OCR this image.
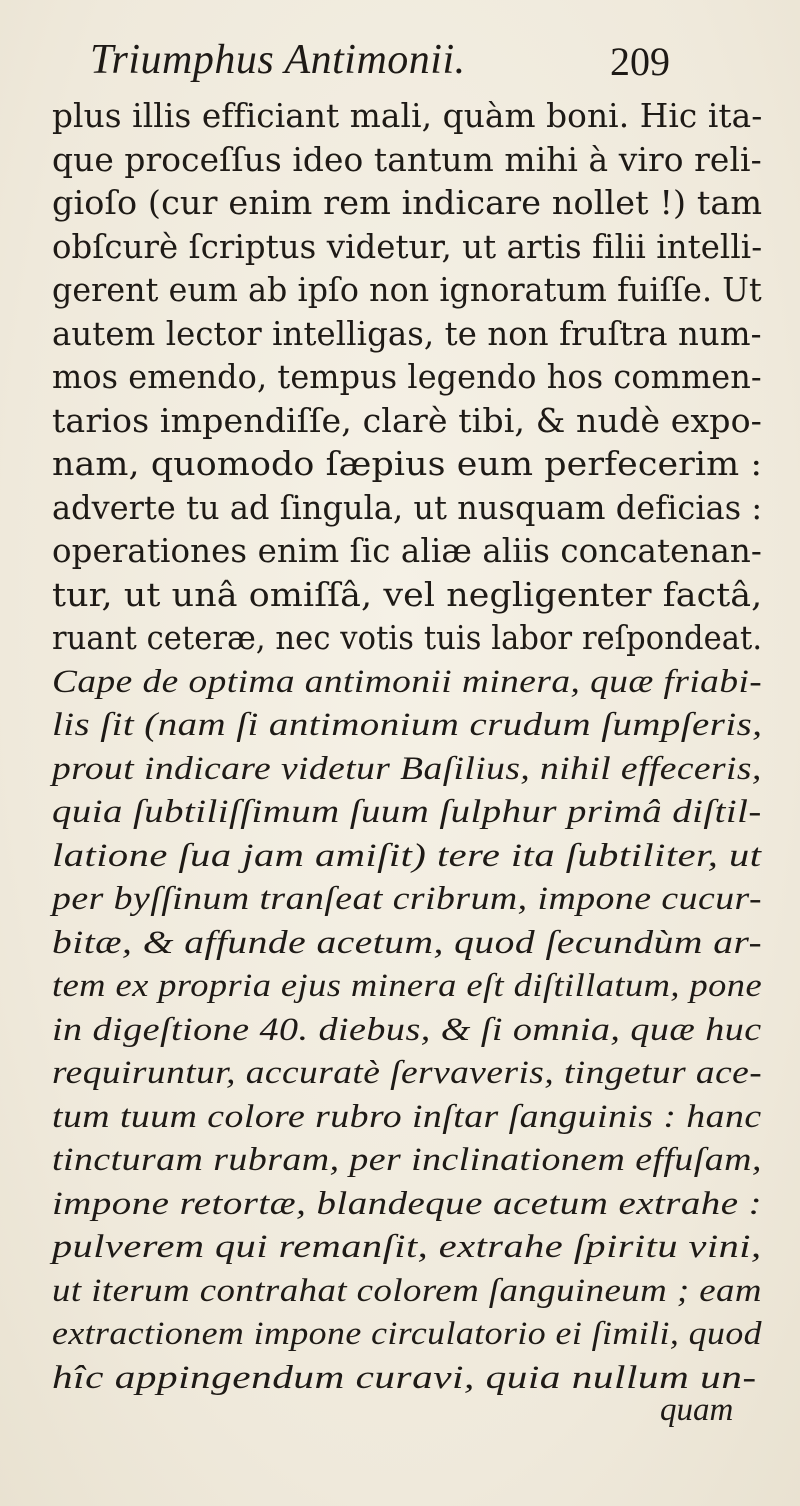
Triumphus Antimonii.	209
plus illis efficiant mali, quàm boni. Hic ita-
que proceſſus ideo tantum mihi à viro reli-
gioſo (cur enim rem indicare nollet !) tam
obſcurè ſcriptus videtur, ut artis filii intelli-
gerent eum ab ipſo non ignoratum fuiſſe. Ut
autem lector intelligas, te non fruſtra num-
mos emendo, tempus legendo hos commen-
tarios impendiſſe, clarè tibi, & nudè expo-
nam, quomodo ſæpius eum perfecerim :
adverte tu ad ſingula, ut nusquam deficias :
operationes enim ſic aliæ aliis concatenan-
tur, ut unâ omiſſâ, vel negligenter factâ,
ruant ceteræ, nec votis tuis labor reſpondeat.
Cape de optima antimonii minera, quæ friabi-
lis ſit (nam ſi antimonium crudum ſumpſeris,
prout indicare videtur Baſilius, nihil effeceris,
quia ſubtiliſſimum ſuum ſulphur primâ diſtil-
latione ſua jam amiſit) tere ita ſubtiliter, ut
per byſſinum tranſeat cribrum, impone cucur-
bitæ, & affunde acetum, quod ſecundùm ar-
tem ex propria ejus minera eſt diſtillatum, pone
in digeſtione 40. diebus, & ſi omnia, quæ huc
requiruntur, accuratè ſervaveris, tingetur ace-
tum tuum colore rubro inſtar ſanguinis : hanc
tincturam rubram, per inclinationem effuſam,
impone retortæ, blandeque acetum extrahe :
pulverem qui remanſit, extrahe ſpiritu vini,
ut iterum contrahat colorem ſanguineum ; eam
extractionem impone circulatorio ei ſimili, quod
hîc appingendum curavi, quia nullum un-
quam
